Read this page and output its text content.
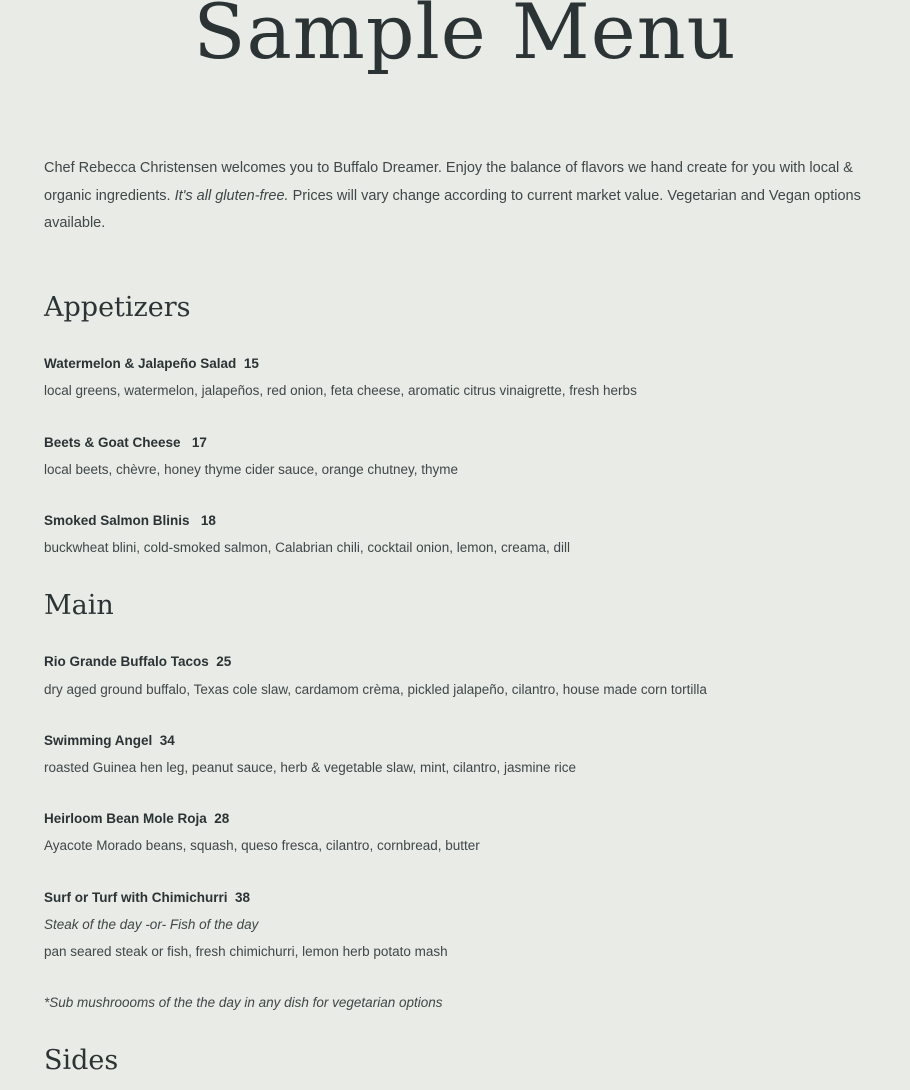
Sample Menu

Chef Rebecca Christensen welcomes you to Buffalo Dreamer. Enjoy the balance of flavors we hand create for you with local & organic ingredients. It's all gluten-free. Prices will vary change according to current market value. Vegetarian and Vegan options available.

Appetizers
Watermelon & Jalapeño Salad 15
local greens, watermelon, jalapeños, red onion, feta cheese, aromatic citrus vinaigrette, fresh herbs
Beets & Goat Cheese 17
local beets, chèvre, honey thyme cider sauce, orange chutney, thyme
Smoked Salmon Blinis 18
buckwheat blini, cold-smoked salmon, Calabrian chili, cocktail onion, lemon, creama, dill
Main
Rio Grande Buffalo Tacos 25
dry aged ground buffalo, Texas cole slaw, cardamom crèma, pickled jalapeño, cilantro, house made corn tortilla
Swimming Angel 34
roasted Guinea hen leg, peanut sauce, herb & vegetable slaw, mint, cilantro, jasmine rice
Heirloom Bean Mole Roja 28
Ayacote Morado beans, squash, queso fresca, cilantro, cornbread, butter
Surf or Turf with Chimichurri 38
Steak of the day -or- Fish of the day
pan seared steak or fish, fresh chimichurri, lemon herb potato mash
*Sub mushroooms of the the day in any dish for vegetarian options
Sides
